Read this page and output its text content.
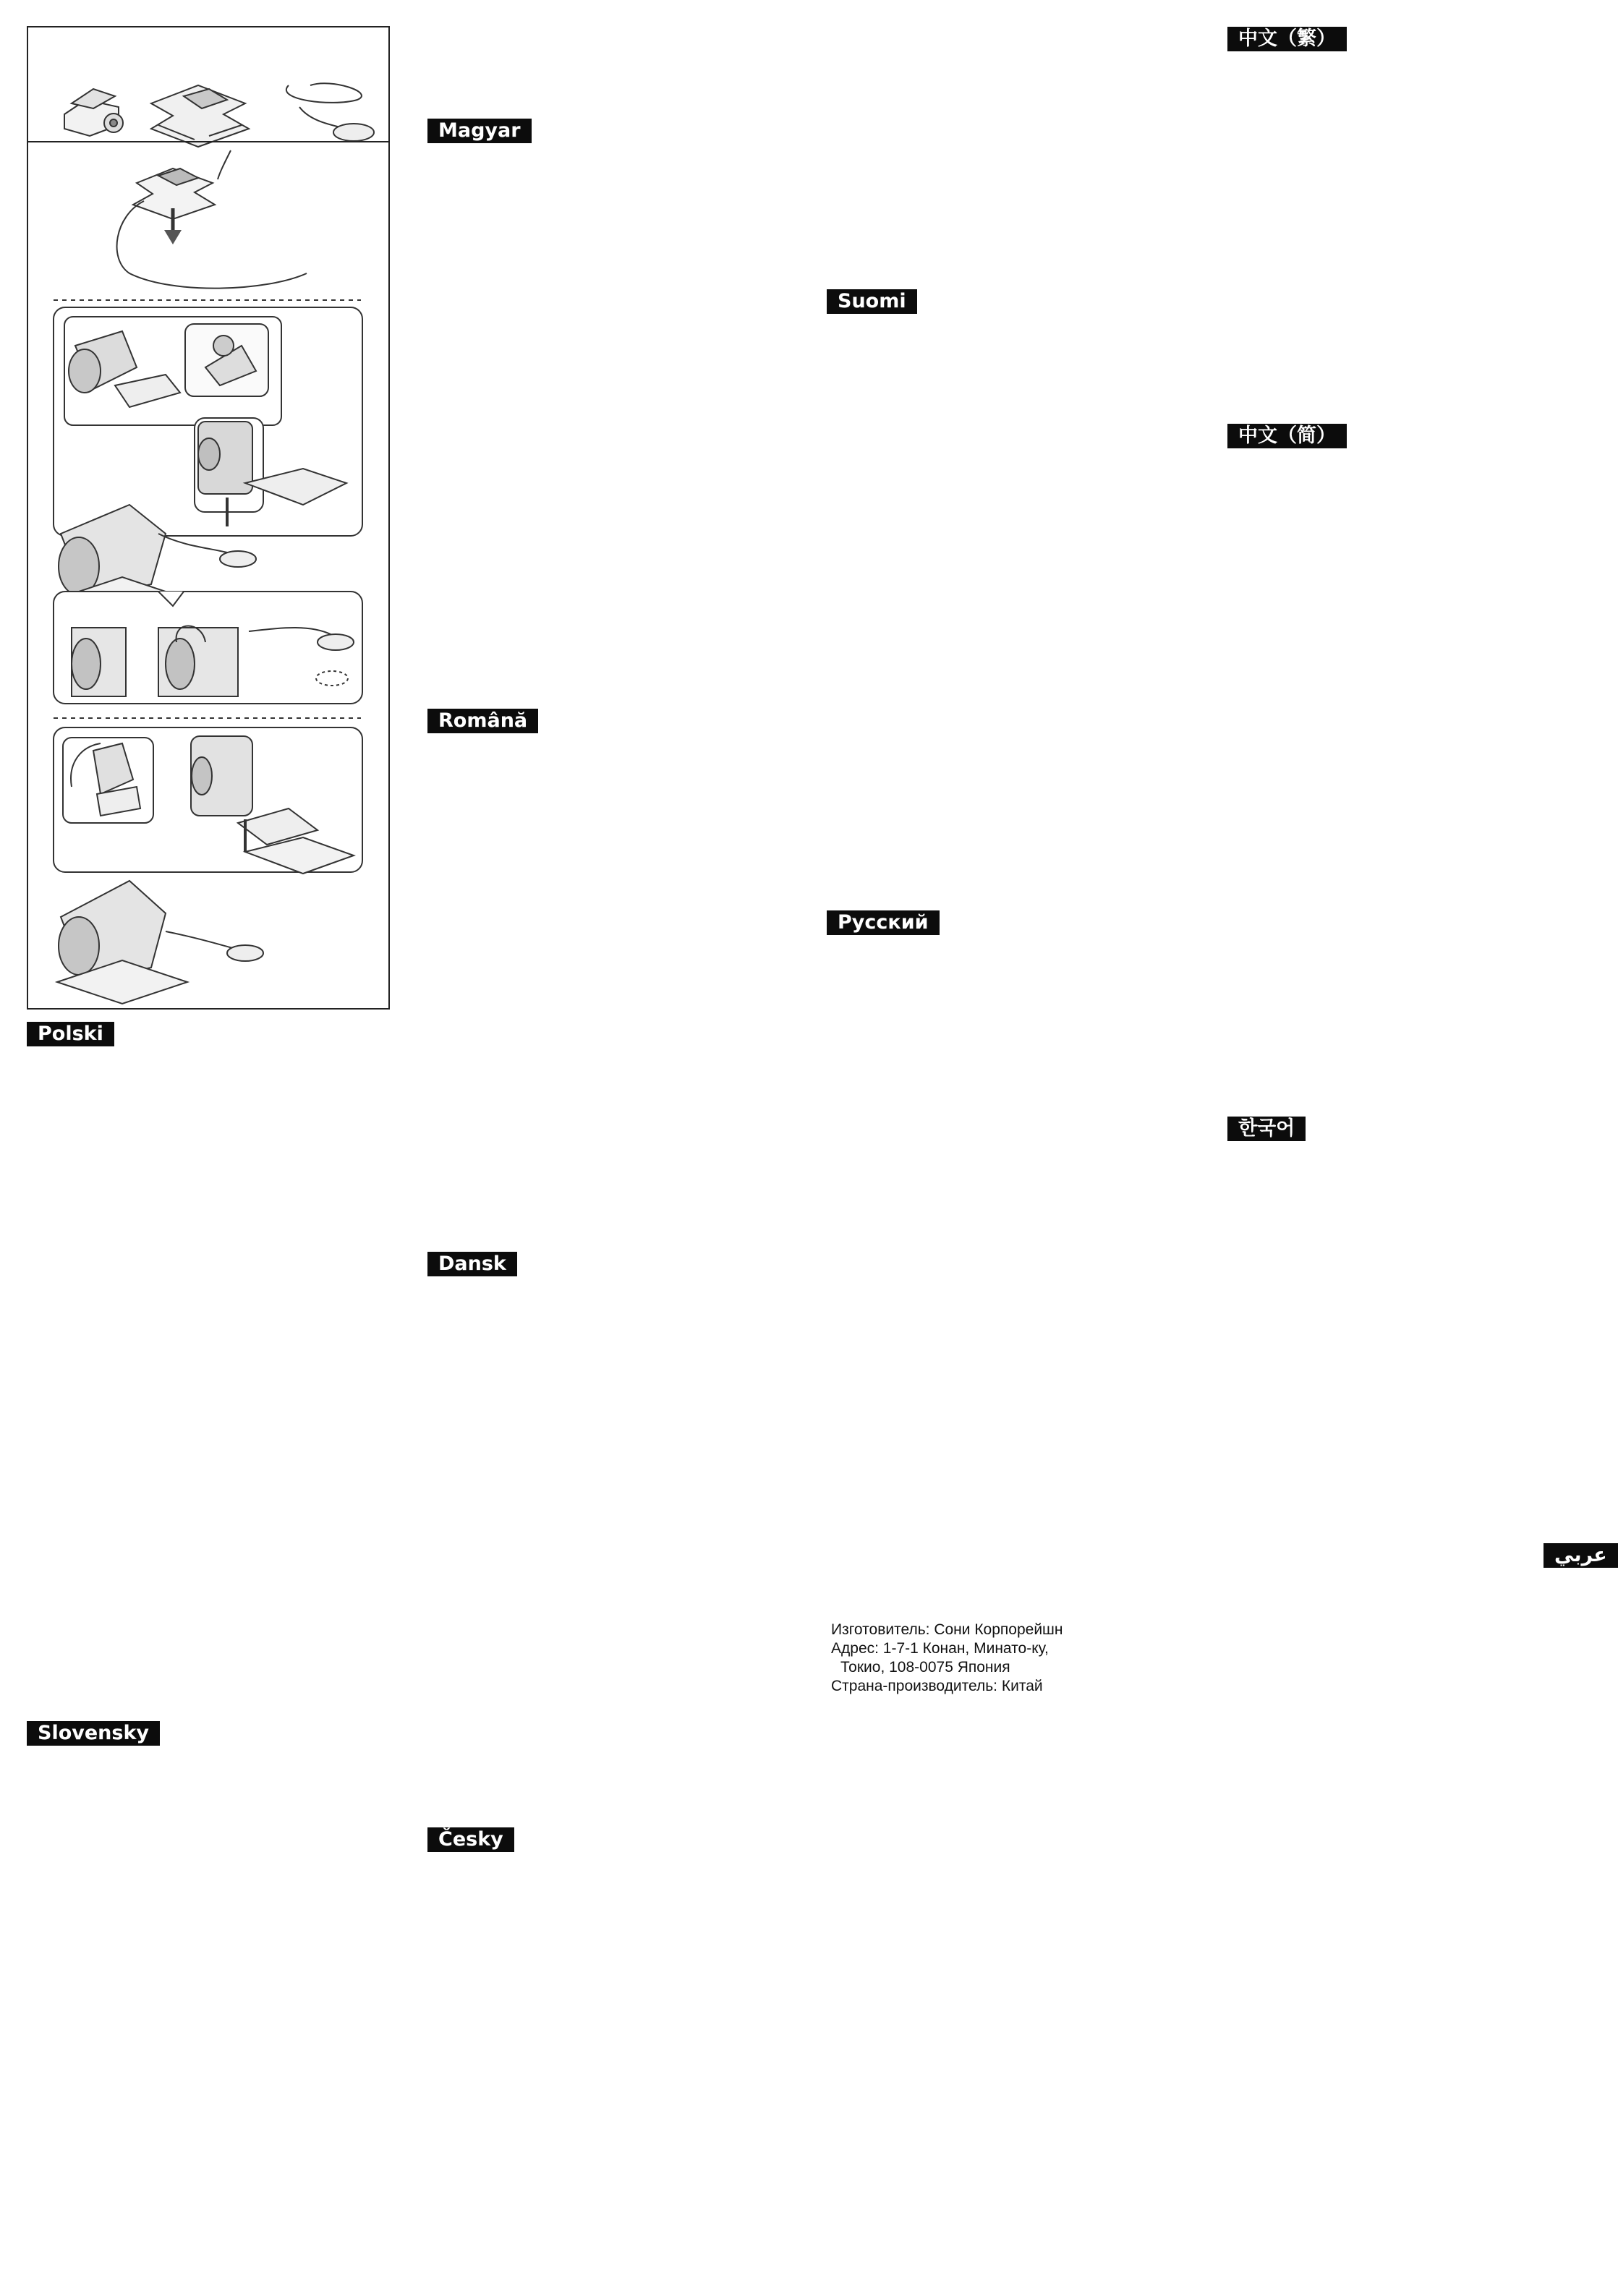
Polski
Magyar
Română
Dansk
Slovensky
Česky
Suomi
Русский
中文（繁）
中文（简）
한국어
عربي
Изготовитель: Сони Корпорейшн
Адрес: 1-7-1 Конан, Минато-ку,
Токио, 108-0075 Япония
Страна-производитель: Китай
